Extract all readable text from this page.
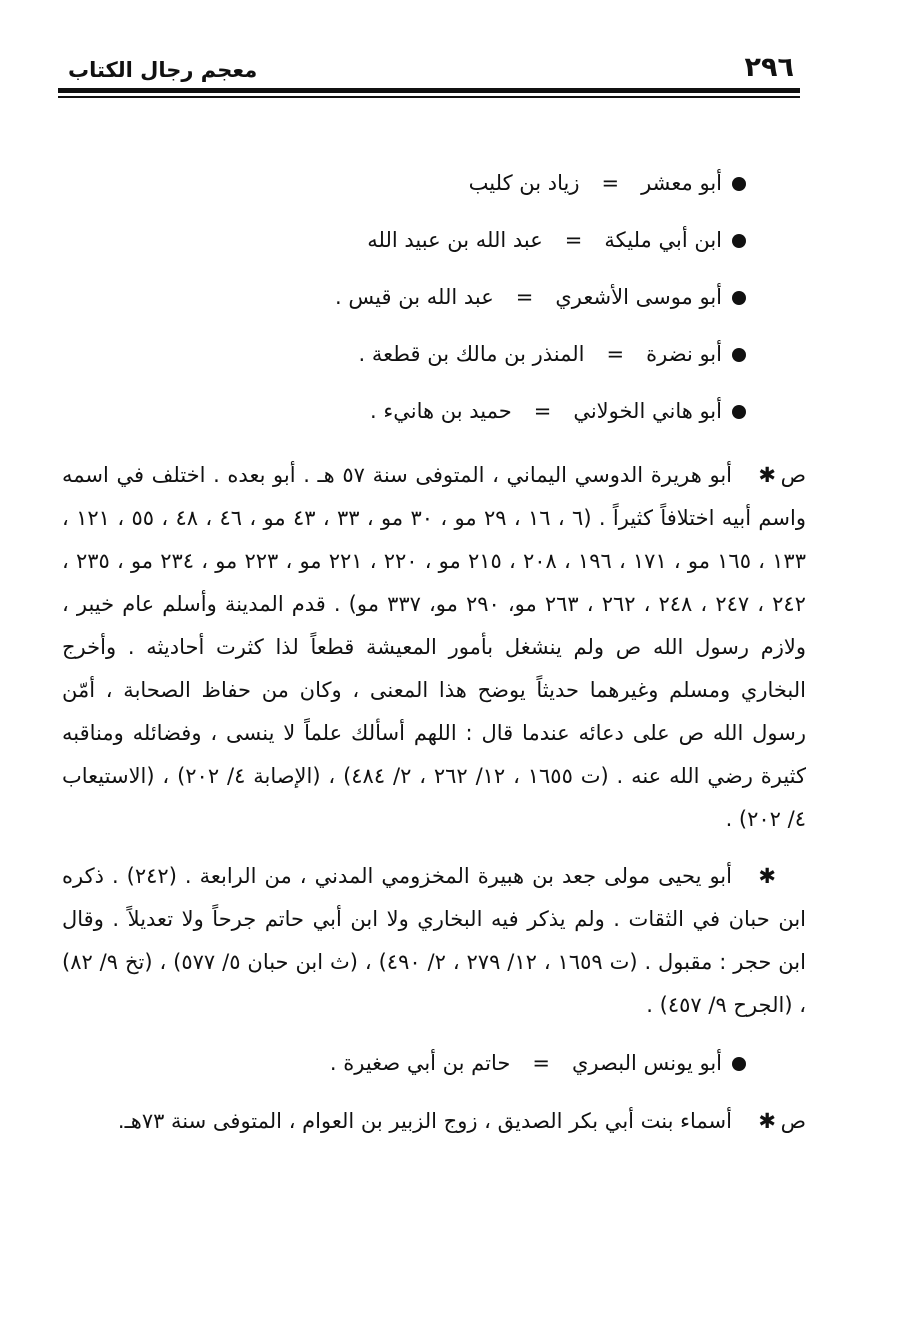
٢٩٦
معجم رجال الكتاب
أبو معشر=زياد بن كليب
ابن أبي مليكة=عبد الله بن عبيد الله
أبو موسى الأشعري=عبد الله بن قيس .
أبو نضرة=المنذر بن مالك بن قطعة .
أبو هاني الخولاني=حميد بن هانيء .

ص✱أبو هريرة الدوسي اليماني ، المتوفى سنة ٥٧ هـ . أبو بعده . اختلف في اسمه واسم أبيه اختلافاً كثيراً . (٦ ، ١٦ ، ٢٩ مو ، ٣٠ مو ، ٣٣ ، ٤٣ مو ، ٤٦ ، ٤٨ ، ٥٥ ، ١٢١ ، ١٣٣ ، ١٦٥ مو ، ١٧١ ، ١٩٦ ، ٢٠٨ ، ٢١٥ مو ، ٢٢٠ ، ٢٢١ مو ، ٢٢٣ مو ، ٢٣٤ مو ، ٢٣٥ ، ٢٤٢ ، ٢٤٧ ، ٢٤٨ ، ٢٦٢ ، ٢٦٣ مو، ٢٩٠ مو، ٣٣٧ مو) . قدم المدينة وأسلم عام خيبر ، ولازم رسول الله ص ولم ينشغل بأمور المعيشة قطعاً لذا كثرت أحاديثه . وأخرج البخاري ومسلم وغيرهما حديثاً يوضح هذا المعنى ، وكان من حفاظ الصحابة ، أمّن رسول الله ص على دعائه عندما قال : اللهم أسألك علماً لا ينسى ، وفضائله ومناقبه كثيرة رضي الله عنه . (ت ١٦٥٥ ، ١٢/ ٢٦٢ ، ٢/ ٤٨٤) ، (الإصابة ٤/ ٢٠٢) ، (الاستيعاب ٤/ ٢٠٢) .

✱أبو يحيى مولى جعد بن هبيرة المخزومي المدني ، من الرابعة . (٢٤٢) . ذكره ابن حبان في الثقات . ولم يذكر فيه البخاري ولا ابن أبي حاتم جرحاً ولا تعديلاً . وقال ابن حجر : مقبول . (ت ١٦٥٩ ، ١٢/ ٢٧٩ ، ٢/ ٤٩٠) ، (ث ابن حبان ٥/ ٥٧٧) ، (تخ ٩/ ٨٢) ، (الجرح ٩/ ٤٥٧) .

أبو يونس البصري=حاتم بن أبي صغيرة .

ص✱أسماء بنت أبي بكر الصديق ، زوج الزبير بن العوام ، المتوفى سنة ٧٣هـ.
